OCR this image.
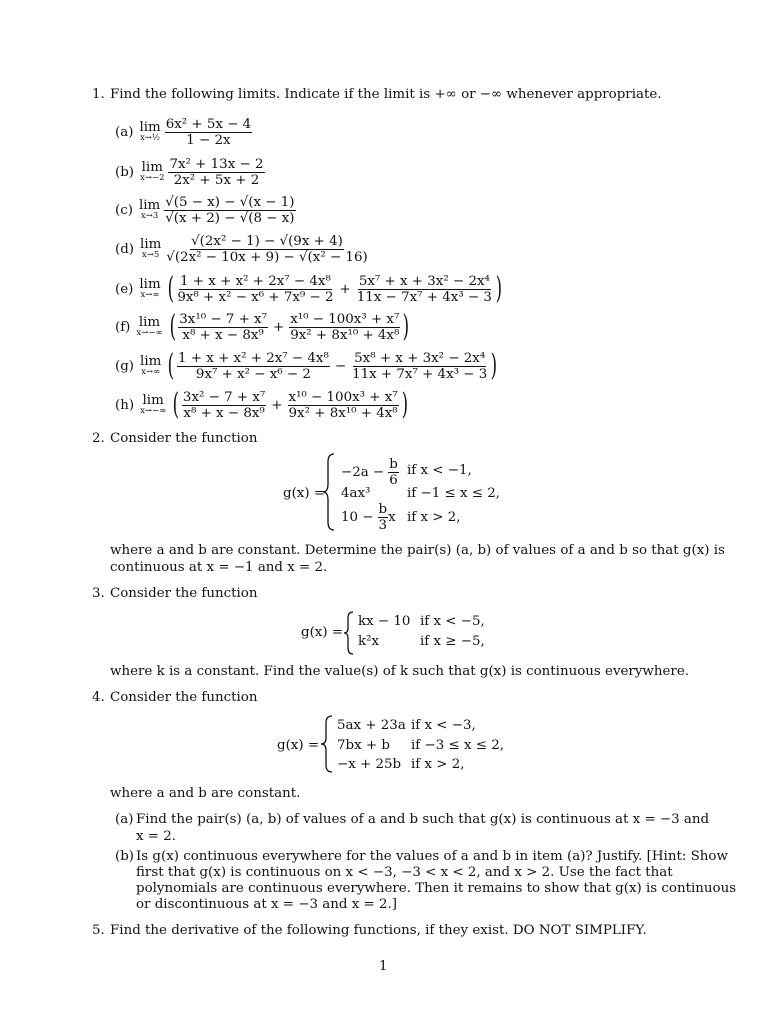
1. Find the following limits. Indicate if the limit is +∞ or −∞ whenever appropriate.
(a) lim
x→½ $\frac{\text{6x² + 5x − 4}}{1 - 2x}$
(b) lim
$x\to-2 \frac{\text{7x² + 13x − 2}}{\text{2x² + 5x + 2}}$
(c) lim
$x\to 3 \frac{√(5 - x) - √(x - 1)}{√(x + 2) - √(8 - x)}$
(d) lim
$x\to 5 \frac{\text{√(2x² − 1) − √(9x + 4)}}{\text{√(2x² − 10x + 9) − √(x² − 16)}}$
(e) lim
x→∞ ( $\frac{\text{1 + x + x² + 2x⁷ − 4x⁸}}{\text{9x⁸ + x² − x⁶ + 7x⁹ − 2}} + \frac{\text{5x⁷ + x + 3x² − 2x⁴}}{\text{11x − 7x⁷ + 4x³ − 3}}$ )
(f) lim
x→−∞ ( $\frac{\text{3x¹⁰ − 7 + x⁷}}{\text{x⁸ + x − 8x⁹}} + \frac{\text{x¹⁰ − 100x³ + x⁷}}{\text{9x² + 8x¹⁰ + 4x⁸}}$ )
(g) lim
x→∞ ( $\frac{\text{1 + x + x² + 2x⁷ − 4x⁸}}{\text{9x⁷ + x² − x⁶ − 2}} - \frac{\text{5x⁸ + x + 3x² − 2x⁴}}{\text{11x + 7x⁷ + 4x³ − 3}}$ )
(h) lim
x→−∞ ( $\frac{\text{3x² − 7 + x⁷}}{\text{x⁸ + x − 8x⁹}} + \frac{\text{x¹⁰ − 100x³ + x⁷}}{\text{9x² + 8x¹⁰ + 4x⁸}}$ )
2. Consider the function
g(x) =
$-2a - \frac{b}{6}$ if x < −1,
4ax³	if −1 ≤ x ≤ 2,
$10 - \frac{b}{3}$ x if x > 2,
where a and b are constant. Determine the pair(s) (a, b) of values of a and b so that g(x) is
continuous at x = −1 and x = 2.
3. Consider the function
g(x) =
kx − 10 if x < −5,
k²x	if x ≥ −5,
where k is a constant. Find the value(s) of k such that g(x) is continuous everywhere.
4. Consider the function
g(x) =
5ax + 23a if x < −3,
7bx + b if −3 ≤ x ≤ 2,
−x + 25b if x > 2,
where a and b are constant.
(a) Find the pair(s) (a, b) of values of a and b such that g(x) is continuous at x = −3 and
x = 2.
(b) Is g(x) continuous everywhere for the values of a and b in item (a)? Justify. [Hint: Show
first that g(x) is continuous on x < −3, −3 < x < 2, and x > 2. Use the fact that
polynomials are continuous everywhere. Then it remains to show that g(x) is continuous
or discontinuous at x = −3 and x = 2.]
5. Find the derivative of the following functions, if they exist. DO NOT SIMPLIFY.
1
